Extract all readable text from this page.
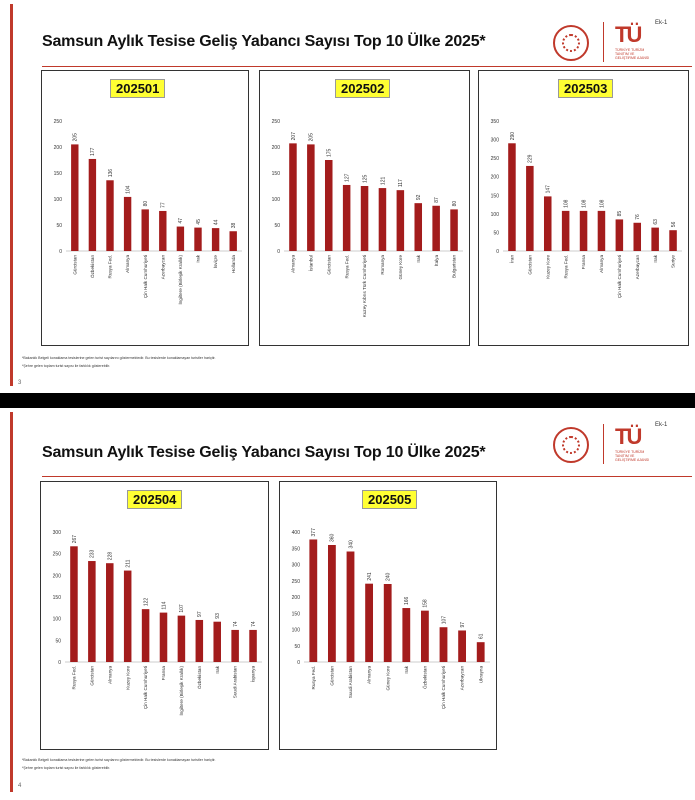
Samsun Aylık Tesise Geliş Yabancı Sayısı Top 10 Ülke 2025*	TÜ
TÜRKİYE TURİZM TANITIM VE GELİŞTİRME AJANSI
Ek-1
0
50
100
150
200
250
205
Gürcistan
177
Özbekistan
136
Rusya Fed.
104
Almanya
80
Çin Halk Cumhuriyeti
77
Azerbaycan
47
İngiltere (Birleşik Krallık)
45
Irak
44
İsviçre
38
Hollanda
202501
0
50
100
150
200
250
207
Almanya
205
İstanbul
175
Gürcistan
127
Rusya Fed.
125
Kuzey Kıbrıs Türk Cumhuriyeti
121
Romanya
117
Güney Kore
92
Irak
87
İtalya
80
Bulgaristan
202502
0
50
100
150
200
250
300
350
290
İran
229
Gürcistan
147
Kuzey Kore
108
Rusya Fed.
108
Fransa
108
Almanya
85
Çin Halk Cumhuriyeti
76
Azerbaycan
63
Irak
56
Suriye
202503
*Bakanlık Belgeli konaklama tesislerine gelen turist sayılarını göstermektedir. Bu tesislerde konaklamayan turistler hariçtir.
*Şehre gelen toplam turist sayısı ile farklılık gösterebilir.
3
Samsun Aylık Tesise Geliş Yabancı Sayısı Top 10 Ülke 2025*
TÜ
TÜRKİYE TURİZM TANITIM VE GELİŞTİRME AJANSI
Ek-1
0
50
100
150
200
250
300
267
Rusya Fed.
233
Gürcistan
228
Almanya
211
Kuzey Kore
122
Çin Halk Cumhuriyeti
114
Fransa
107
İngiltere (Birleşik Krallık)
97
Özbekistan
93
Irak
74
Suudi Arabistan
74
İspanya
202504
0
50
100
150
200
250
300
350
400 377
Rusya Fed.
360
Gürcistan
340
Suudi Arabistan
241
Almanya
240
Güney Kore
166
Irak
158
Özbekistan
107
Çin Halk Cumhuriyeti
97
Azerbaycan
61
Ukrayna
202505
*Bakanlık Belgeli konaklama tesislerine gelen turist sayılarını göstermektedir. Bu tesislerde konaklamayan turistler hariçtir.
*Şehre gelen toplam turist sayısı ile farklılık gösterebilir.
4
